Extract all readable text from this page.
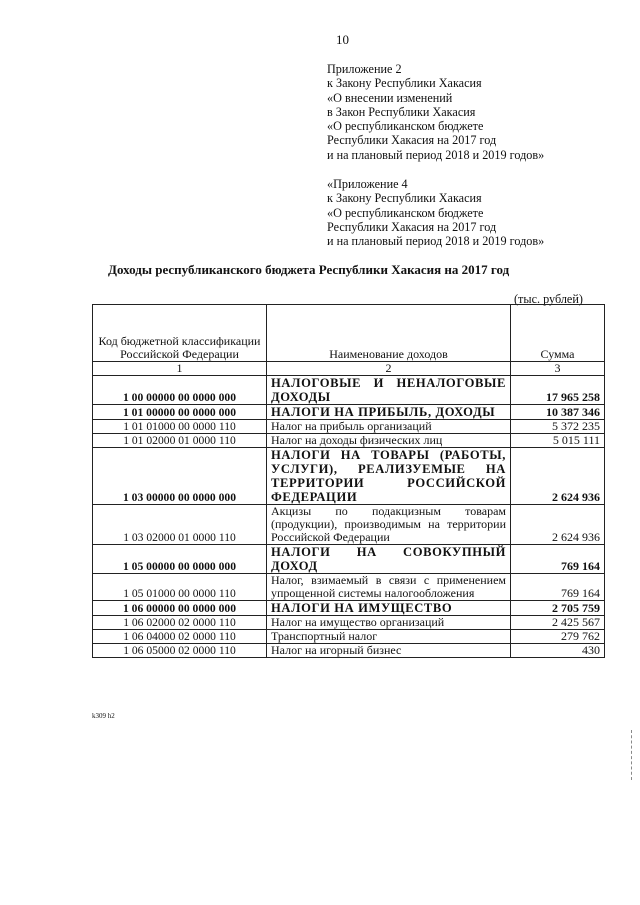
10
Приложение 2
к Закону Республики Хакасия
«О внесении изменений
в Закон Республики Хакасия
«О республиканском бюджете
Республики Хакасия на 2017 год
и на плановый период 2018 и 2019 годов»
«Приложение 4
к Закону Республики Хакасия
«О республиканском бюджете
Республики Хакасия на 2017 год
и на плановый период 2018 и 2019 годов»
Доходы республиканского бюджета Республики Хакасия на 2017 год
(тыс. рублей)
Код бюджетной классификации Российской Федерации	Наименование доходов	Сумма
1	2	3
1 00 00000 00 0000 000	НАЛОГОВЫЕ И НЕНАЛОГОВЫЕ ДОХОДЫ	17 965 258
1 01 00000 00 0000 000	НАЛОГИ НА ПРИБЫЛЬ, ДОХОДЫ	10 387 346
1 01 01000 00 0000 110	Налог на прибыль организаций	5 372 235
1 01 02000 01 0000 110	Налог на доходы физических лиц	5 015 111
1 03 00000 00 0000 000	НАЛОГИ НА ТОВАРЫ (РАБОТЫ, УСЛУГИ), РЕАЛИЗУЕМЫЕ НА ТЕРРИТОРИИ РОССИЙСКОЙ ФЕДЕРАЦИИ	2 624 936
1 03 02000 01 0000 110	Акцизы по подакцизным товарам (продукции), производимым на территории Российской Федерации	2 624 936
1 05 00000 00 0000 000	НАЛОГИ НА СОВОКУПНЫЙ ДОХОД	769 164
1 05 01000 00 0000 110	Налог, взимаемый в связи с применением упрощенной системы налогообложения	769 164
1 06 00000 00 0000 000	НАЛОГИ НА ИМУЩЕСТВО	2 705 759
1 06 02000 02 0000 110	Налог на имущество организаций	2 425 567
1 06 04000 02 0000 110	Транспортный налог	279 762
1 06 05000 02 0000 110	Налог на игорный бизнес	430
k309 h2
